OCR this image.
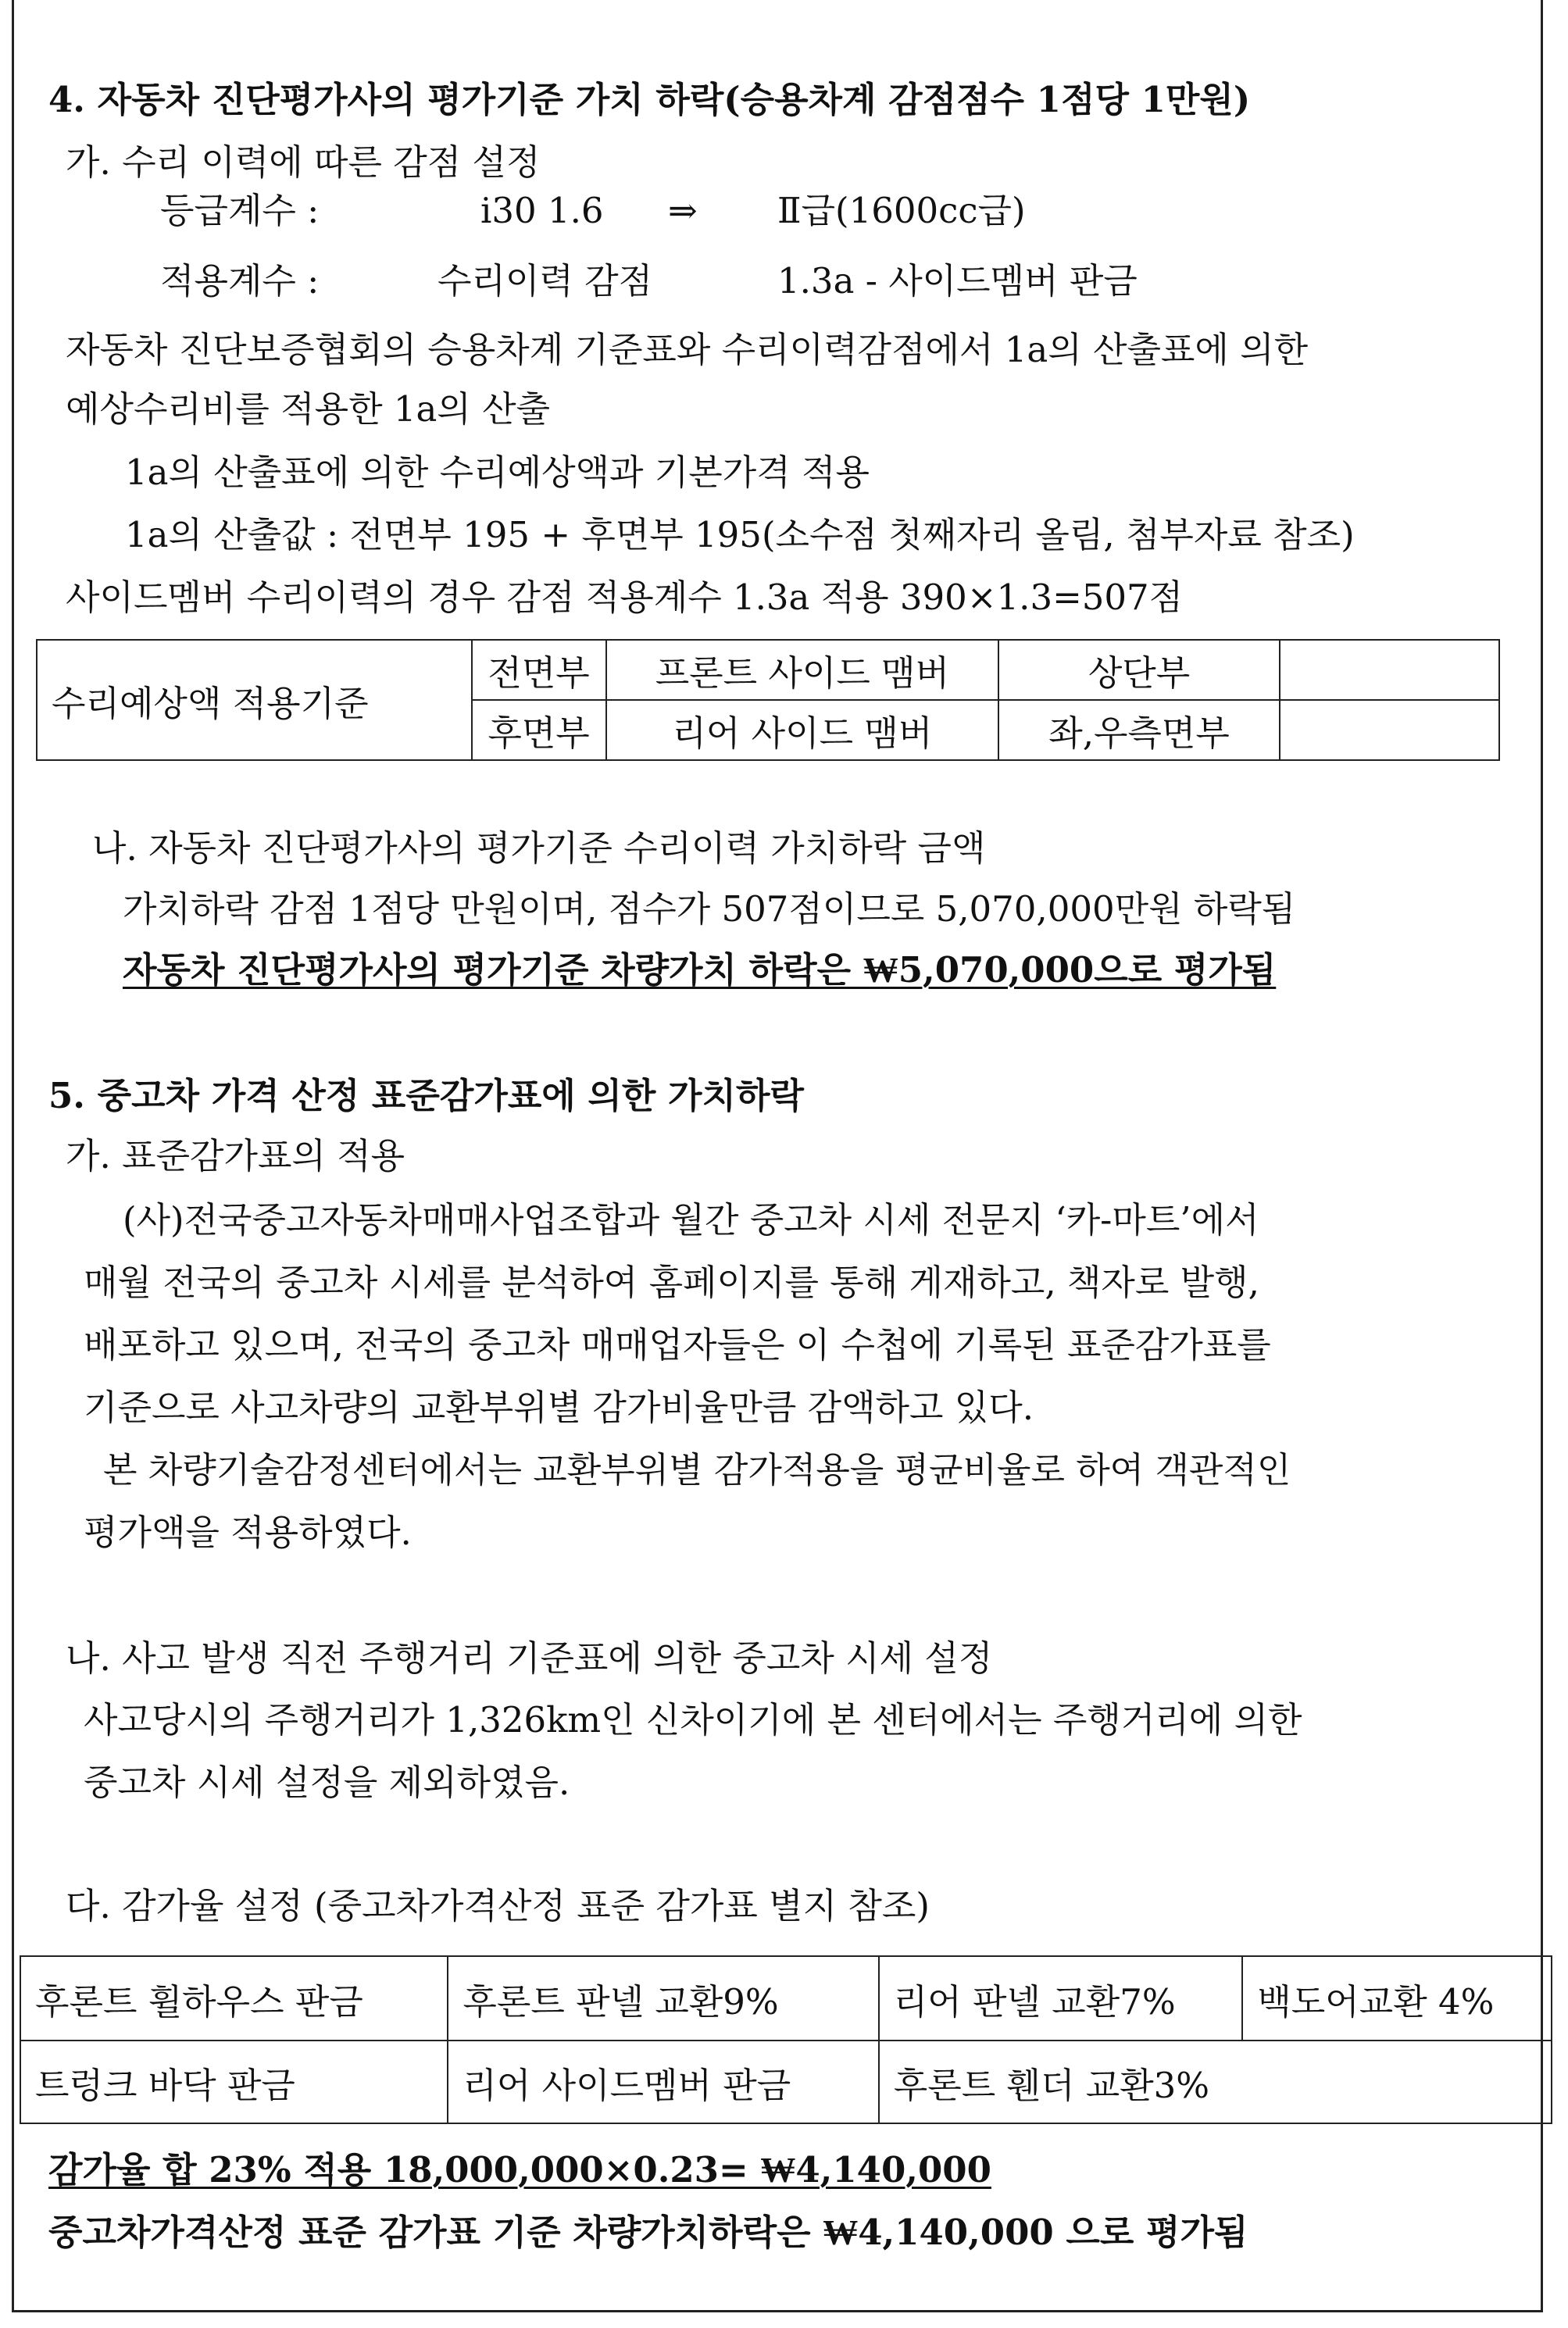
4. 자동차 진단평가사의 평가기준 가치 하락(승용차계 감점점수 1점당 1만원)
가. 수리 이력에 따른 감점 설정
등급계수 :	i30 1.6 ⇒ Ⅱ급(1600cc급)
적용계수 :	수리이력 감점	1.3a - 사이드멤버 판금
자동차 진단보증협회의 승용차계 기준표와 수리이력감점에서 1a의 산출표에 의한
예상수리비를 적용한 1a의 산출
1a의 산출표에 의한 수리예상액과 기본가격 적용
1a의 산출값 : 전면부 195 + 후면부 195(소수점 첫째자리 올림, 첨부자료 참조)
사이드멤버 수리이력의 경우 감점 적용계수 1.3a 적용 390×1.3=507점
수리예상액 적용기준	전면부	프론트 사이드 맴버	상단부	
	후면부	리어 사이드 맴버	좌,우측면부	
나. 자동차 진단평가사의 평가기준 수리이력 가치하락 금액
가치하락 감점 1점당 만원이며, 점수가 507점이므로 5,070,000만원 하락됨
자동차 진단평가사의 평가기준 차량가치 하락은 ₩5,070,000으로 평가됨
5. 중고차 가격 산정 표준감가표에 의한 가치하락
가. 표준감가표의 적용
(사)전국중고자동차매매사업조합과 월간 중고차 시세 전문지 ‘카-마트’에서
매월 전국의 중고차 시세를 분석하여 홈페이지를 통해 게재하고, 책자로 발행,
배포하고 있으며, 전국의 중고차 매매업자들은 이 수첩에 기록된 표준감가표를
기준으로 사고차량의 교환부위별 감가비율만큼 감액하고 있다.
본 차량기술감정센터에서는 교환부위별 감가적용을 평균비율로 하여 객관적인
평가액을 적용하였다.
나. 사고 발생 직전 주행거리 기준표에 의한 중고차 시세 설정
사고당시의 주행거리가 1,326km인 신차이기에 본 센터에서는 주행거리에 의한
중고차 시세 설정을 제외하였음.
다. 감가율 설정 (중고차가격산정 표준 감가표 별지 참조)
후론트 휠하우스 판금	후론트 판넬 교환9%	리어 판넬 교환7%	백도어교환 4%
트렁크 바닥 판금	리어 사이드멤버 판금	후론트 휀더 교환3%	
감가율 합 23% 적용 18,000,000×0.23= ₩4,140,000
중고차가격산정 표준 감가표 기준 차량가치하락은 ₩4,140,000 으로 평가됨
